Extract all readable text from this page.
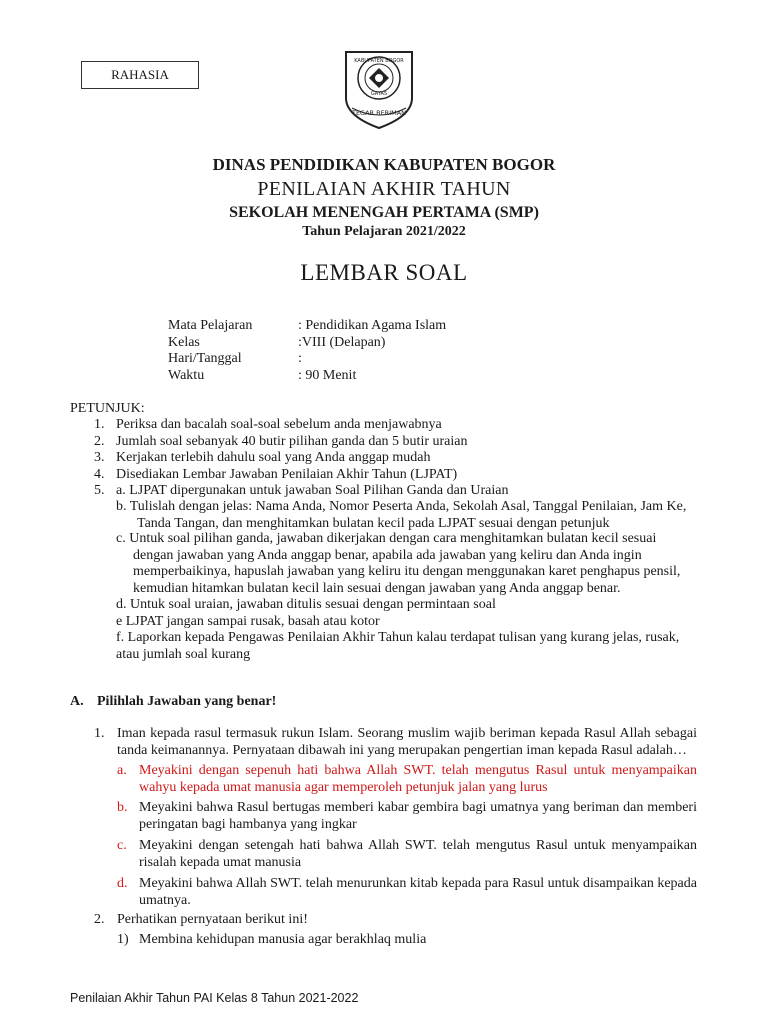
RAHASIA
KABUPATEN BOGOR
GAYAS
TEGAR BERIMAN
DINAS PENDIDIKAN KABUPATEN BOGOR
PENILAIAN AKHIR TAHUN
SEKOLAH MENENGAH PERTAMA (SMP)
Tahun Pelajaran 2021/2022
LEMBAR SOAL
Mata Pelajaran	: Pendidikan Agama Islam
Kelas	:VIII (Delapan)
Hari/Tanggal	:
Waktu	: 90 Menit
PETUNJUK:
1. Periksa dan bacalah soal-soal sebelum anda menjawabnya
2. Jumlah soal sebanyak 40 butir pilihan ganda dan 5 butir uraian
3. Kerjakan terlebih dahulu soal yang Anda anggap mudah
4. Disediakan Lembar Jawaban Penilaian Akhir Tahun (LJPAT)
5. a. LJPAT dipergunakan untuk jawaban Soal Pilihan Ganda dan Uraian
b. Tulislah dengan jelas: Nama Anda, Nomor Peserta Anda, Sekolah Asal, Tanggal Penilaian, Jam Ke,
Tanda Tangan, dan menghitamkan bulatan kecil pada LJPAT sesuai dengan petunjuk
c. Untuk soal pilihan ganda, jawaban dikerjakan dengan cara menghitamkan bulatan kecil sesuai
dengan jawaban yang Anda anggap benar, apabila ada jawaban yang keliru dan Anda ingin
memperbaikinya, hapuslah jawaban yang keliru itu dengan menggunakan karet penghapus pensil,
kemudian hitamkan bulatan kecil lain sesuai dengan jawaban yang Anda anggap benar.
d. Untuk soal uraian, jawaban ditulis sesuai dengan permintaan soal
e LJPAT jangan sampai rusak, basah atau kotor
f. Laporkan kepada Pengawas Penilaian Akhir Tahun kalau terdapat tulisan yang kurang jelas, rusak,
atau jumlah soal kurang
A. Pilihlah Jawaban yang benar!
1. Iman kepada rasul termasuk rukun Islam. Seorang muslim wajib beriman kepada Rasul Allah sebagai
tanda keimanannya. Pernyataan dibawah ini yang merupakan pengertian iman kepada Rasul adalah…
a. Meyakini dengan sepenuh hati bahwa Allah SWT. telah mengutus Rasul untuk menyampaikan
wahyu kepada umat manusia agar memperoleh petunjuk jalan yang lurus
b. Meyakini bahwa Rasul bertugas memberi kabar gembira bagi umatnya yang beriman dan memberi
peringatan bagi hambanya yang ingkar
c. Meyakini dengan setengah hati bahwa Allah SWT. telah mengutus Rasul untuk menyampaikan
risalah kepada umat manusia
d. Meyakini bahwa Allah SWT. telah menurunkan kitab kepada para Rasul untuk disampaikan kepada
umatnya.
2. Perhatikan pernyataan berikut ini!
1) Membina kehidupan manusia agar berakhlaq mulia
Penilaian Akhir Tahun PAI Kelas 8 Tahun 2021-2022
